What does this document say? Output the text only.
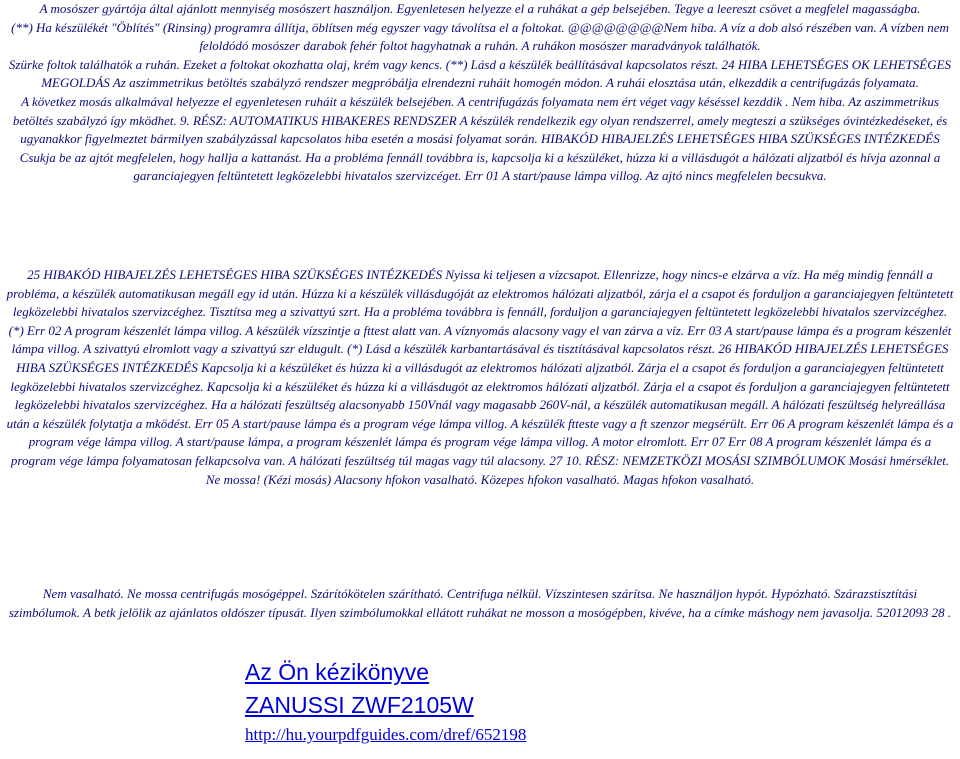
A mosószer gyártója által ajánlott mennyiség mosószert használjon. Egyenletesen helyezze el a ruhákat a gép belsejében. Tegye a leereszt csövet a megfelel magasságba.

(**) Ha készülékét "Öblítés" (Rinsing) programra állítja, öblítsen még egyszer vagy távolítsa el a foltokat. @@@@@@@@Nem hiba. A víz a dob alsó részében van. A vízben nem feloldódó mosószer darabok fehér foltot hagyhatnak a ruhán. A ruhákon mosószer maradványok találhatók.

Szürke foltok találhatók a ruhán. Ezeket a foltokat okozhatta olaj, krém vagy kencs. (**) Lásd a készülék beállításával kapcsolatos részt. 24 HIBA LEHETSÉGES OK LEHETSÉGES MEGOLDÁS Az aszimmetrikus betöltés szabályzó rendszer megpróbálja elrendezni ruháit homogén módon. A ruhái elosztása után, elkezddik a centrifugázás folyamata.

A következ mosás alkalmával helyezze el egyenletesen ruháit a készülék belsejében. A centrifugázás folyamata nem ért véget vagy késéssel kezddik . Nem hiba. Az aszimmetrikus betöltés szabályzó így mködhet. 9. RÉSZ: AUTOMATIKUS HIBAKERES RENDSZER A készülék rendelkezik egy olyan rendszerrel, amely megteszi a szükséges óvintézkedéseket, és ugyanakkor figyelmeztet bármilyen szabályzással kapcsolatos hiba esetén a mosási folyamat során. HIBAKÓD HIBAJELZÉS LEHETSÉGES HIBA SZÜKSÉGES INTÉZKEDÉS Csukja be az ajtót megfelelen, hogy hallja a kattanást. Ha a probléma fennáll továbbra is, kapcsolja ki a készüléket, húzza ki a villásdugót a hálózati aljzatból és hívja azonnal a garanciajegyen feltüntetett legközelebbi hivatalos szervizcéget. Err 01 A start/pause lámpa villog. Az ajtó nincs megfelelen becsukva.

25 HIBAKÓD HIBAJELZÉS LEHETSÉGES HIBA SZÜKSÉGES INTÉZKEDÉS Nyissa ki teljesen a vízcsapot. Ellenrizze, hogy nincs-e elzárva a víz. Ha még mindig fennáll a probléma, a készülék automatikusan megáll egy id után. Húzza ki a készülék villásdugóját az elektromos hálózati aljzatból, zárja el a csapot és forduljon a garanciajegyen feltüntetett legközelebbi hivatalos szervizcéghez. Tisztítsa meg a szivattyú szrt. Ha a probléma továbbra is fennáll, forduljon a garanciajegyen feltüntetett legközelebbi hivatalos szervizcéghez.(*) Err 02 A program készenlét lámpa villog. A készülék vízszintje a fttest alatt van. A víznyomás alacsony vagy el van zárva a víz. Err 03 A start/pause lámpa és a program készenlét lámpa villog. A szivattyú elromlott vagy a szivattyú szr eldugult. (*) Lásd a készülék karbantartásával és tisztításával kapcsolatos részt. 26 HIBAKÓD HIBAJELZÉS LEHETSÉGES HIBA SZÜKSÉGES INTÉZKEDÉS Kapcsolja ki a készüléket és húzza ki a villásdugót az elektromos hálózati aljzatból. Zárja el a csapot és forduljon a garanciajegyen feltüntetett legközelebbi hivatalos szervizcéghez. Kapcsolja ki a készüléket és húzza ki a villásdugót az elektromos hálózati aljzatból. Zárja el a csapot és forduljon a garanciajegyen feltüntetett legközelebbi hivatalos szervizcéghez. Ha a hálózati feszültség alacsonyabb 150Vnál vagy magasabb 260V-nál, a készülék automatikusan megáll. A hálózati feszültség helyreállása után a készülék folytatja a mködést. Err 05 A start/pause lámpa és a program vége lámpa villog. A készülék ftteste vagy a ft szenzor megsérült. Err 06 A program készenlét lámpa és a program vége lámpa villog. A start/pause lámpa, a program készenlét lámpa és program vége lámpa villog. A motor elromlott. Err 07 Err 08 A program készenlét lámpa és a program vége lámpa folyamatosan felkapcsolva van. A hálózati feszültség túl magas vagy túl alacsony. 27 10. RÉSZ: NEMZETKÖZI MOSÁSI SZIMBÓLUMOK Mosási hmérséklet. Ne mossa! (Kézi mosás) Alacsony hfokon vasalható. Közepes hfokon vasalható. Magas hfokon vasalható.

Nem vasalható. Ne mossa centrifugás mosógéppel. Szárítókötelen szárítható. Centrifuga nélkül. Vízszintesen szárítsa. Ne használjon hypót. Hypózható. Szárazstisztítási szimbólumok. A betk jelölik az ajánlatos oldószer típusát. Ilyen szimbólumokkal ellátott ruhákat ne mosson a mosógépben, kivéve, ha a címke máshogy nem javasolja. 52012093 28 .

Az Ön kézikönyve
ZANUSSI ZWF2105W
http://hu.yourpdfguides.com/dref/652198
